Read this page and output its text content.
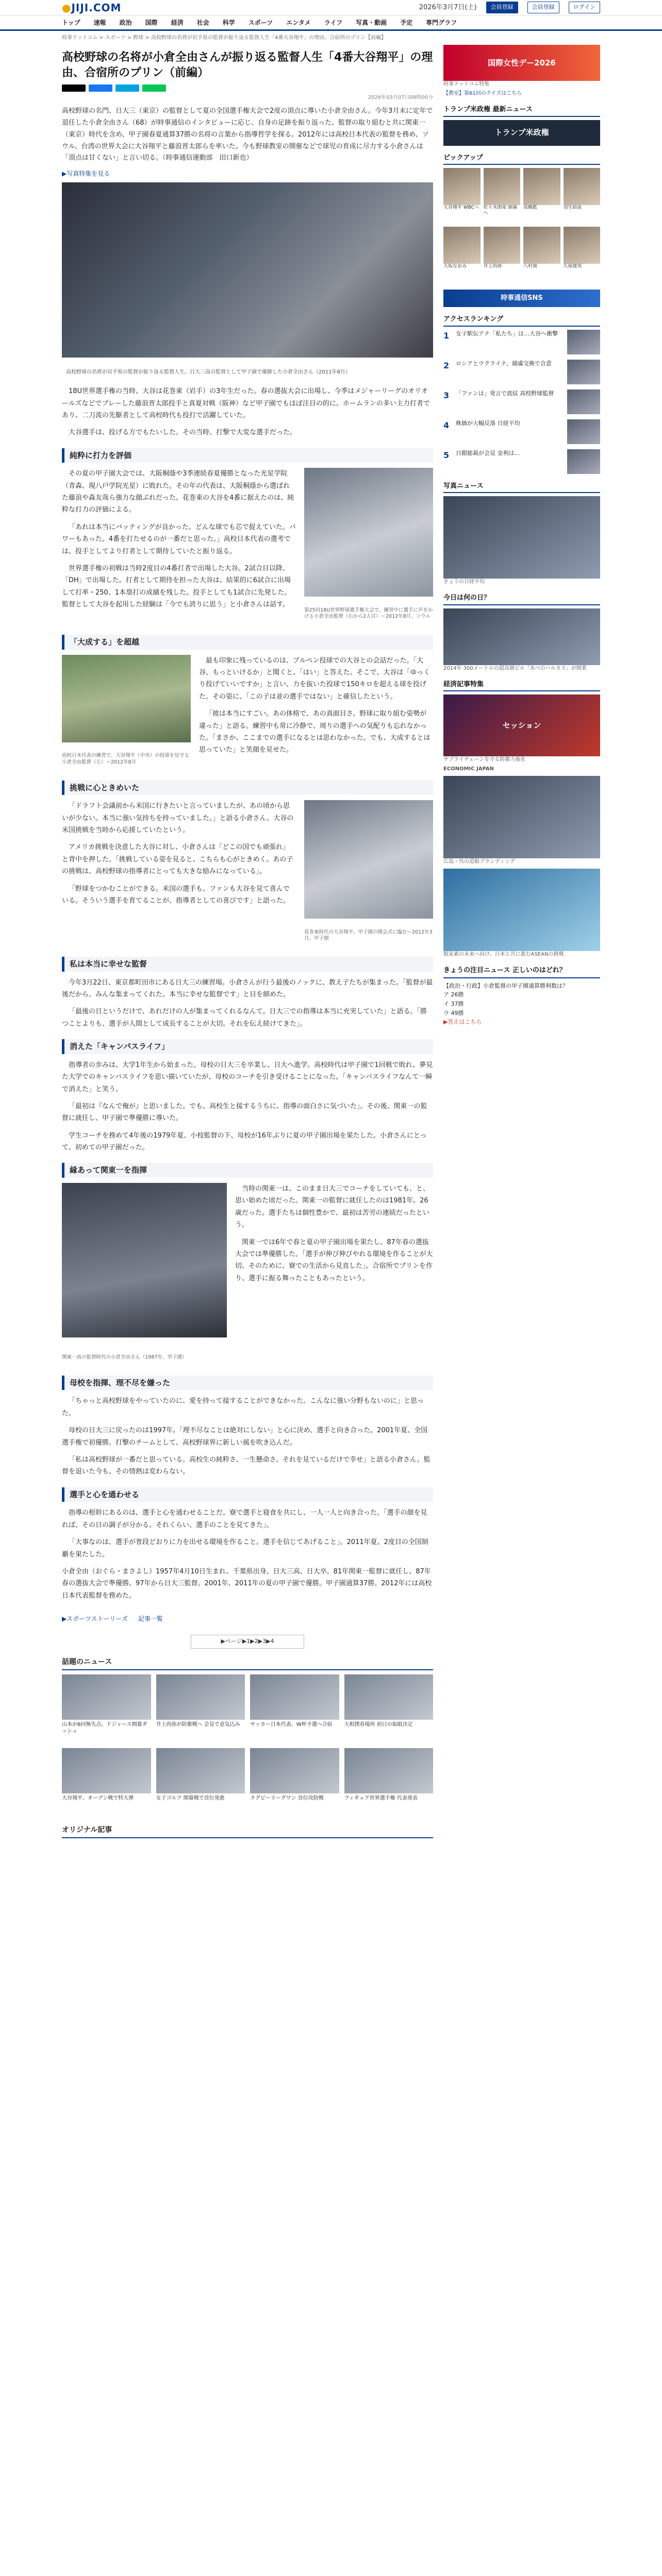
●JIJI.COM	2026年3月7日(土)	会員登録	会員登録	ログイン
トップ 速報 政治 国際 経済 社会 科学 スポーツ エンタメ ライフ 写真・動画 予定 専門グラフ
時事ドットコム > スポーツ > 野球 > 高校野球の名将が岩手県の監督が振り返る監督人生「4番大谷翔平」の理由、合宿所のプリン【前編】
高校野球の名将が小倉全由さんが振り返る監督人生「4番大谷翔平」の理由、合宿所のプリン（前編）
2026年03月07日09時00分

高校野球の名門、日大三（東京）の監督として夏の全国選手権大会で2度の頂点に導いた小倉全由さん。今年3月末に定年で退任した小倉全由さん（68）が時事通信のインタビューに応じ、自身の足跡を振り返った。監督の取り組むと共に関東一（東京）時代を含め、甲子園春夏通算37勝の名将の言葉から指導哲学を探る。2012年には高校日本代表の監督を務め、ソウル、台湾の世界大会に大谷翔平と藤浪晋太郎らを率いた。今も野球教室の開催などで球児の育成に尽力する小倉さんは「頂点は甘くない」と言い切る。（時事通信運動部　田口新也）

▶写真特集を見る
高校野球の名将が岩手県の監督が振り返る監督人生。日大三高の監督として甲子園で優勝した小倉全由さん（2011年8月）

18U世界選手権の当時、大谷は花巻東（岩手）の3年生だった。春の選抜大会に出場し、今季はメジャーリーグのオリオールズなどでプレーした藤浪晋太郎投手と真夏対戦（阪神）など甲子園でもほぼ注目の的に。ホームランの多い主力打者であり、二刀流の先駆者として高校時代も投打で活躍していた。

大谷選手は、投げる方でもたいした。その当時、打撃で大変な選手だった。

純粋に打力を評価
第25回18U世界野球選手権大会で、練習中に選手に声をかける小倉全由監督（右から2人目）＝2012年8月、ソウル

その夏の甲子園大会では、大阪桐蔭や3季連続春夏優勝となった光星学院（青森、現八戸学院光星）に敗れた。その年の代表は、大阪桐蔭から選ばれた藤浪や森友哉ら強力な顔ぶれだった。花巻東の大谷を4番に据えたのは、純粋な打力の評価による。

「あれは本当にバッティングが良かった。どんな球でも芯で捉えていた。パワーもあった。4番を打たせるのが一番だと思った。」高校日本代表の選考では、投手としてより打者として期待していたと振り返る。

世界選手権の初戦は当時2度目の4番打者で出場した大谷。2試合目以降、「DH」で出場した。打者として期待を担った大谷は、結果的に6試合に出場して打率・250、1本塁打の成績を残した。投手としても1試合に先発した。監督として大谷を起用した経験は「今でも誇りに思う」と小倉さんは話す。

「大成する」を超越
高校日本代表の練習で、大谷翔平（中央）の投球を見守る小倉全由監督（左）＝2012年8月

最も印象に残っているのは、ブルペン投球での大谷との会話だった。「大谷、もっといけるか」と聞くと、「はい」と答えた。そこで、大谷は「ゆっくり投げていいですか」と言い、力を抜いた投球で150キロを超える球を投げた。その姿に、「この子は並の選手ではない」と確信したという。

「彼は本当にすごい。あの体格で、あの真面目さ。野球に取り組む姿勢が違った」と語る。練習中も常に冷静で、周りの選手への気配りも忘れなかった。「まさか、ここまでの選手になるとは思わなかった。でも、大成するとは思っていた」と笑顔を見せた。

挑戦に心ときめいた
花巻東時代の大谷翔平。甲子園の開会式に臨む＝2012年3月、甲子園

「ドラフト会議前から米国に行きたいと言っていましたが、あの頃から思いが少ない。本当に強い気持ちを持っていました。」と語る小倉さん。大谷の米国挑戦を当時から応援していたという。

アメリカ挑戦を決意した大谷に対し、小倉さんは「どこの国でも頑張れ」と背中を押した。「挑戦している姿を見ると、こちらも心がときめく。あの子の挑戦は、高校野球の指導者にとっても大きな励みになっている」。

「野球をつかむことができる。米国の選手も、ファンも大谷を見て喜んでいる。そういう選手を育てることが、指導者としての喜びです」と語った。

私は本当に幸せな監督

今年3月22日、東京都町田市にある日大三の練習場。小倉さんが行う最後のノックに、教え子たちが集まった。「監督が最後だから、みんな集まってくれた。本当に幸せな監督です」と目を細めた。

「最後の日というだけで、あれだけの人が集まってくれるなんて。日大三での指導は本当に充実していた」と語る。「勝つことよりも、選手が人間として成長することが大切。それを伝え続けてきた」。

消えた「キャンパスライフ」

指導者の歩みは、大学1年生から始まった。母校の日大三を卒業し、日大へ進学。高校時代は甲子園で1回戦で敗れ、夢見た大学でのキャンパスライフを思い描いていたが、母校のコーチを引き受けることになった。「キャンパスライフなんて一瞬で消えた」と笑う。

「最初は『なんで俺が』と思いました。でも、高校生と接するうちに、指導の面白さに気づいた」。その後、関東一の監督に就任し、甲子園で準優勝に導いた。

学生コーチを務めて4年後の1979年夏、小枝監督の下、母校が16年ぶりに夏の甲子園出場を果たした。小倉さんにとって、初めての甲子園だった。

縁あって関東一を指揮
関東一高の監督時代の小倉全由さん（1987年、甲子園）

当時の関東一は、このまま日大三でコーチをしていても、と、思い始めた頃だった。関東一の監督に就任したのは1981年。26歳だった。選手たちは個性豊かで、最初は苦労の連続だったという。

関東一では6年で春と夏の甲子園出場を果たし、87年春の選抜大会では準優勝した。「選手が伸び伸びやれる環境を作ることが大切。そのために、寮での生活から見直した」。合宿所でプリンを作り、選手に振る舞ったこともあったという。

母校を指揮、理不尽を嫌った

「ちゃっと高校野球をやっていたのに、愛を持って接することができなかった。こんなに強い分野もないのに」と思った。

母校の日大三に戻ったのは1997年。「理不尽なことは絶対にしない」と心に決め、選手と向き合った。2001年夏、全国選手権で初優勝。打撃のチームとして、高校野球界に新しい風を吹き込んだ。

「私は高校野球が一番だと思っている。高校生の純粋さ、一生懸命さ。それを見ているだけで幸せ」と語る小倉さん。監督を退いた今も、その情熱は変わらない。

選手と心を通わせる

指導の根幹にあるのは、選手と心を通わせることだ。寮で選手と寝食を共にし、一人一人と向き合った。「選手の顔を見れば、その日の調子が分かる。それくらい、選手のことを見てきた」。

「大事なのは、選手が普段どおりに力を出せる環境を作ること。選手を信じてあげること」。2011年夏、2度目の全国制覇を果たした。

小倉全由（おぐら・まさよし）1957年4月10日生まれ。千葉県出身。日大三高、日大卒。81年関東一監督に就任し、87年春の選抜大会で準優勝。97年から日大三監督。2001年、2011年の夏の甲子園で優勝。甲子園通算37勝。2012年には高校日本代表監督を務めた。

▶スポーツストーリーズ 記事一覧
▶ページ▶1▶2▶3▶4
話題のニュース
山本が6回無失点、ドジャース開幕ダッシュ
井上尚弥が防衛戦へ 会見で意気込み	サッカー日本代表、W杯予選へ合宿	大相撲春場所 初日の取組決定
大谷翔平、オープン戦で特大弾	女子ゴルフ 開幕戦で首位発進	ラグビーリーグワン 首位攻防戦	フィギュア世界選手権 代表発表
オリジナル記事
国際女性デー2026
時事ドットコム特集
【教室】第61回のクイズはこちら
トランプ米政権 最新ニュース
トランプ米政権
ピックアップ
大谷翔平 WBCへ 佐々木朗希 開幕へ
高橋藍	羽生結弦
大坂なおみ	井上尚弥	八村塁	久保建英
時事通信SNS
アクセスランキング
1	女子駅伝アナ「私たち」は…大谷へ衝撃
2	ロシアとウクライナ、捕虜交換で合意
3	「ファンは」発言で波紋 高校野球監督
4	株価が大幅反落 日経平均
5	日銀総裁が会見 金利は…
写真ニュース
きょうの日経平均
今日は何の日？
2014年 300メートルの超高層ビル「あべのハルカス」が開業
経済記事特集
セッション
サプライチェーンを守る防衛力強化
ECONOMIC JAPAN
広島・呉の造船ブランディング
脱炭素の未来へ向け、日本と共に進むASEANの挑戦
きょうの注目ニュース 正しいのはどれ？
【政治・行政】小倉監督の甲子園通算勝利数は？
ア 26勝
イ 37勝
ウ 49勝
▶答えはこちら
